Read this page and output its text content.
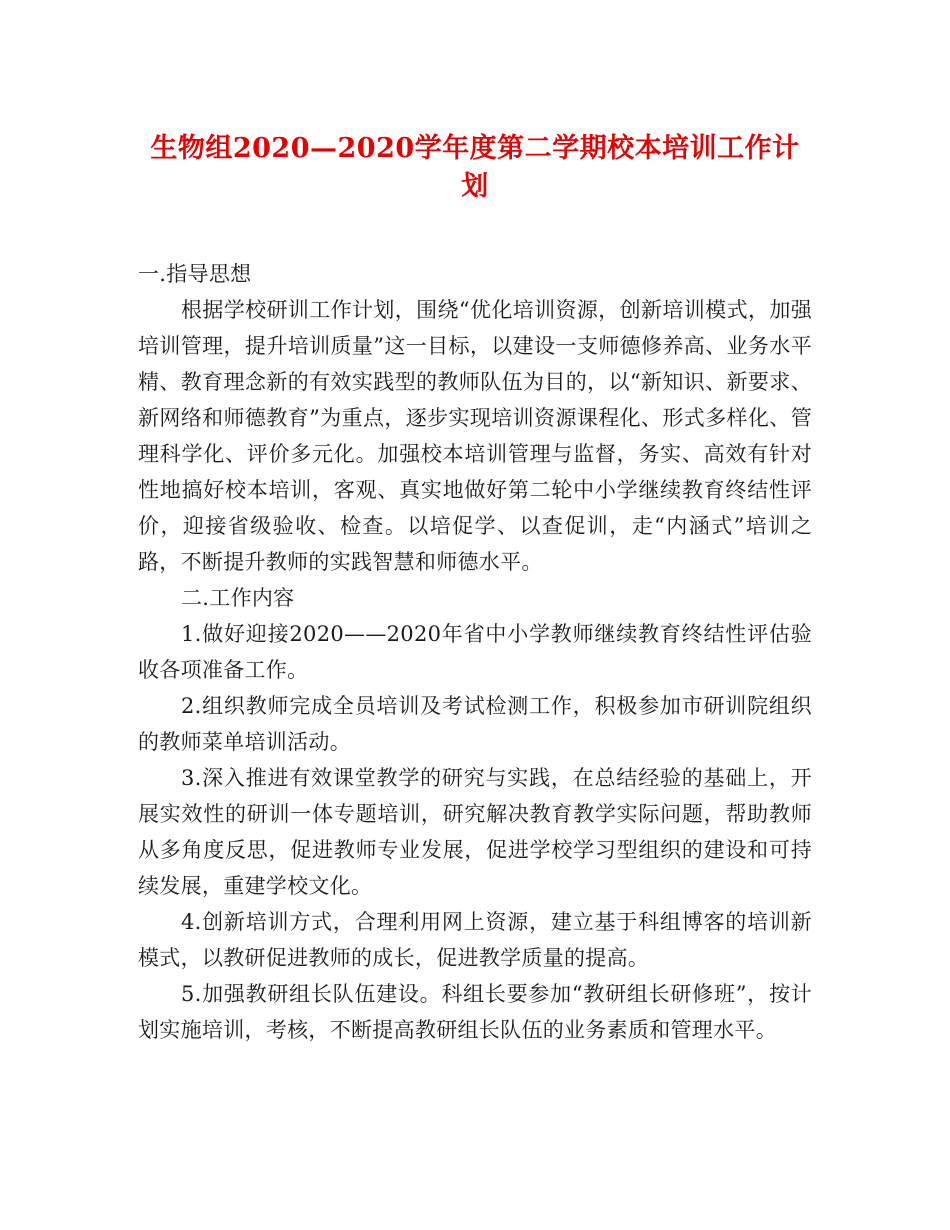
生物组2020—2020学年度第二学期校本培训工作计划

一.指导思想

根据学校研训工作计划，围绕“优化培训资源，创新培训模式，加强培训管理，提升培训质量”这一目标，以建设一支师德修养高、业务水平精、教育理念新的有效实践型的教师队伍为目的，以“新知识、新要求、新网络和师德教育”为重点，逐步实现培训资源课程化、形式多样化、管理科学化、评价多元化。加强校本培训管理与监督，务实、高效有针对性地搞好校本培训，客观、真实地做好第二轮中小学继续教育终结性评价，迎接省级验收、检查。以培促学、以查促训，走“内涵式”培训之路，不断提升教师的实践智慧和师德水平。

二.工作内容

1.做好迎接2020——2020年省中小学教师继续教育终结性评估验收各项准备工作。

2.组织教师完成全员培训及考试检测工作，积极参加市研训院组织的教师菜单培训活动。

3.深入推进有效课堂教学的研究与实践，在总结经验的基础上，开展实效性的研训一体专题培训，研究解决教育教学实际问题，帮助教师从多角度反思，促进教师专业发展，促进学校学习型组织的建设和可持续发展，重建学校文化。

4.创新培训方式，合理利用网上资源，建立基于科组博客的培训新模式，以教研促进教师的成长，促进教学质量的提高。

5.加强教研组长队伍建设。科组长要参加“教研组长研修班”，按计划实施培训，考核，不断提高教研组长队伍的业务素质和管理水平。
